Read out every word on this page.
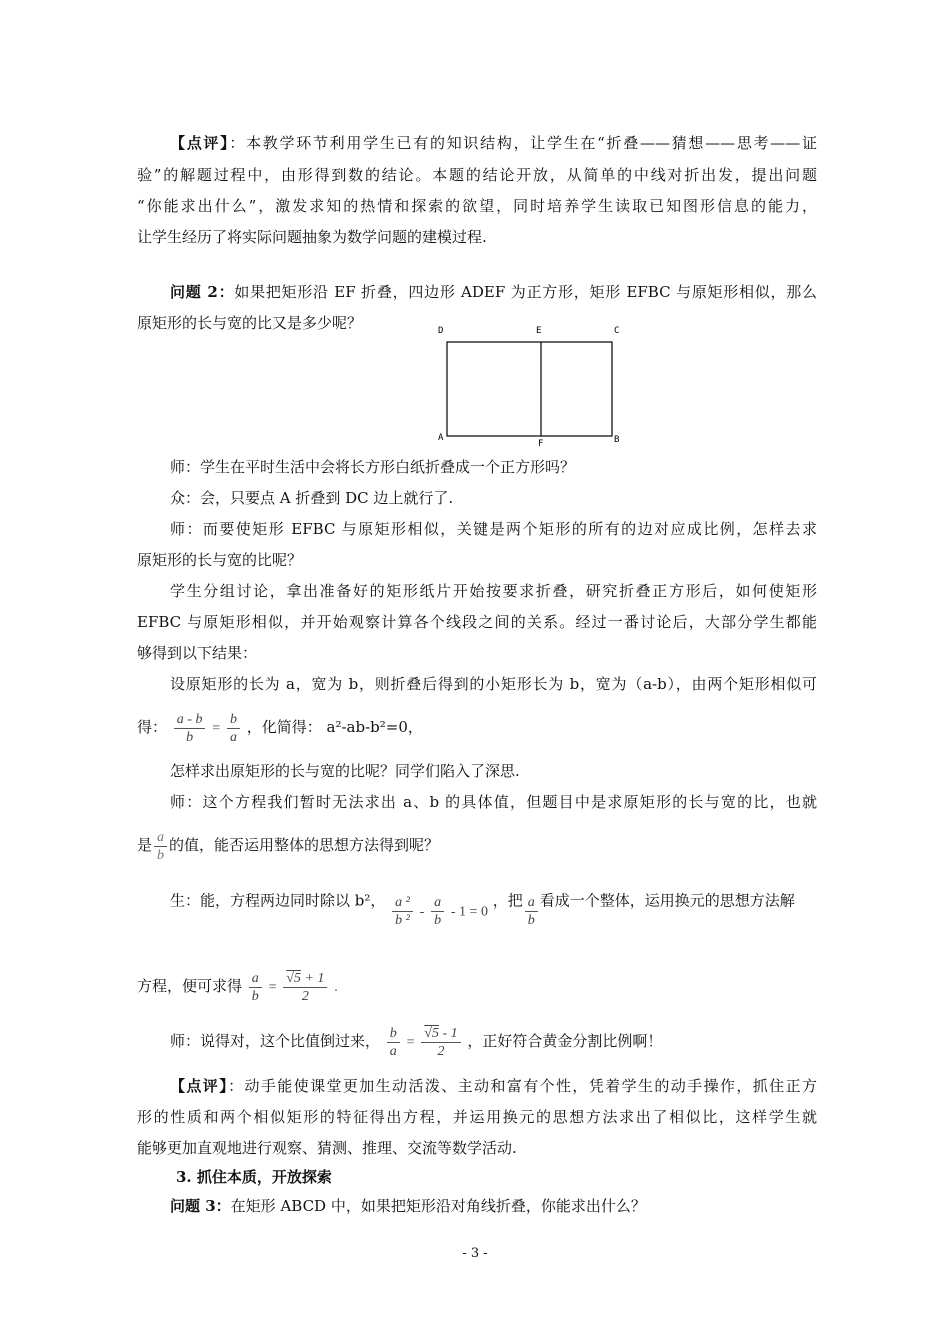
【点评】：本教学环节利用学生已有的知识结构，让学生在“折叠——猜想——思考——证
验”的解题过程中，由形得到数的结论。本题的结论开放，从简单的中线对折出发，提出问题
“你能求出什么”，激发求知的热情和探索的欲望，同时培养学生读取已知图形信息的能力，
让学生经历了将实际问题抽象为数学问题的建模过程.
问题 2：如果把矩形沿 EF 折叠，四边形 ADEF 为正方形，矩形 EFBC 与原矩形相似，那么
原矩形的长与宽的比又是多少呢？	D	E	C
A
F	B
师：学生在平时生活中会将长方形白纸折叠成一个正方形吗？
众：会，只要点 A 折叠到 DC 边上就行了.
师：而要使矩形 EFBC 与原矩形相似，关键是两个矩形的所有的边对应成比例，怎样去求
原矩形的长与宽的比呢？
学生分组讨论，拿出准备好的矩形纸片开始按要求折叠，研究折叠正方形后，如何使矩形
EFBC 与原矩形相似，并开始观察计算各个线段之间的关系。经过一番讨论后，大部分学生都能
够得到以下结果：
设原矩形的长为 a，宽为 b，则折叠后得到的小矩形长为 b，宽为（a-b），由两个矩形相似可
得： $\frac{a - b}{b} = \frac{b}{a}$ ，化简得： a²-ab-b²=0，
怎样求出原矩形的长与宽的比呢？同学们陷入了深思.
师：这个方程我们暂时无法求出 a、b 的具体值，但题目中是求原矩形的长与宽的比，也就
是 $\frac{a}{b}$ 的值，能否运用整体的思想方法得到呢？
生：能，方程两边同时除以 b²， $\frac{\text{a ²}}{\text{b ²}} - \frac{a}{b} - 1 = 0$ ，把 $\frac{a}{b}$ 看成一个整体，运用换元的思想方法解
方程，便可求得 $\frac{a}{b} = \frac{√5 + 1}{2}$ .
师：说得对，这个比值倒过来， $\frac{b}{a} = \frac{√5 - 1}{2}$ ，正好符合黄金分割比例啊！
【点评】：动手能使课堂更加生动活泼、主动和富有个性，凭着学生的动手操作，抓住正方
形的性质和两个相似矩形的特征得出方程，并运用换元的思想方法求出了相似比，这样学生就
能够更加直观地进行观察、猜测、推理、交流等数学活动.
3. 抓住本质，开放探索
问题 3：在矩形 ABCD 中，如果把矩形沿对角线折叠，你能求出什么？
- 3 -
